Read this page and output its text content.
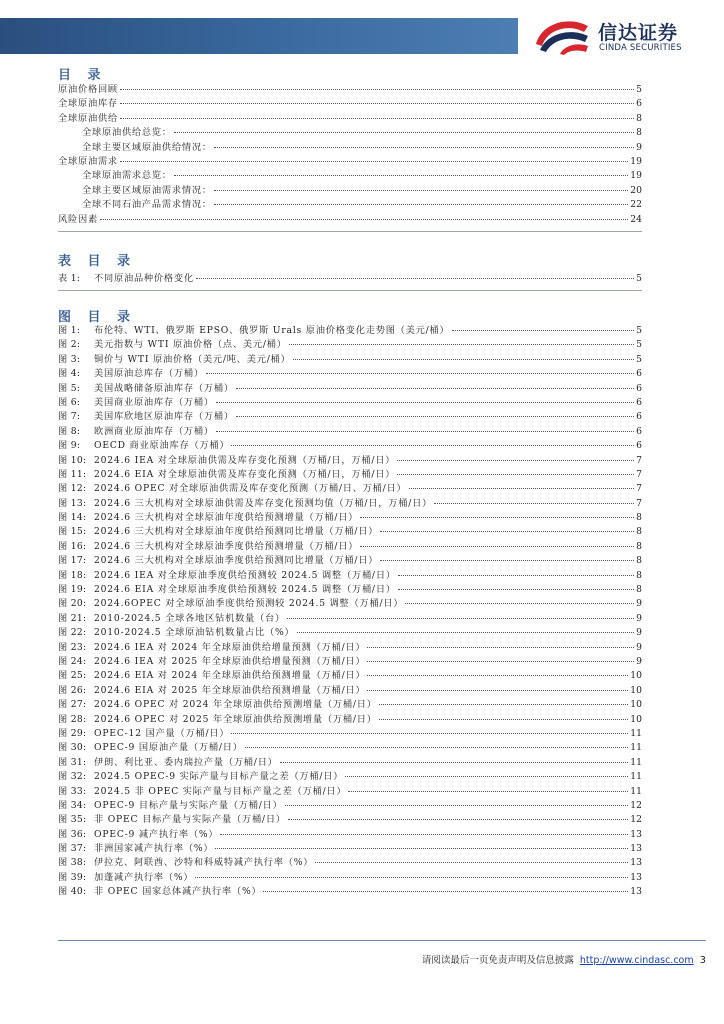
信达证券
CINDA SECURITIES
目 录
原油价格回顾	5
全球原油库存	6
全球原油供给	8
全球原油供给总览：	8
全球主要区域原油供给情况：	9
全球原油需求	19
全球原油需求总览：	19
全球主要区域原油需求情况：	20
全球不同石油产品需求情况：	22
风险因素	24
表 目 录
表 1:	不同原油品种价格变化	5
图 目 录
图 1:	布伦特、WTI、俄罗斯 EPSO、俄罗斯 Urals 原油价格变化走势图（美元/桶）	5
图 2:	美元指数与 WTI 原油价格（点、美元/桶）	5
图 3:	铜价与 WTI 原油价格（美元/吨、美元/桶）	5
图 4:	美国原油总库存（万桶）	6
图 5:	美国战略储备原油库存（万桶）	6
图 6:	美国商业原油库存（万桶）	6
图 7:	美国库欣地区原油库存（万桶）	6
图 8:	欧洲商业原油库存（万桶）	6
图 9:	OECD 商业原油库存（万桶）	6
图 10: 2024.6 IEA 对全球原油供需及库存变化预测（万桶/日，万桶/日）	7
图 11: 2024.6 EIA 对全球原油供需及库存变化预测（万桶/日，万桶/日）	7
图 12: 2024.6 OPEC 对全球原油供需及库存变化预测（万桶/日、万桶/日）	7
图 13: 2024.6 三大机构对全球原油供需及库存变化预测均值（万桶/日，万桶/日）	7
图 14: 2024.6 三大机构对全球原油年度供给预测增量（万桶/日）	8
图 15: 2024.6 三大机构对全球原油年度供给预测同比增量（万桶/日）	8
图 16: 2024.6 三大机构对全球原油季度供给预测增量（万桶/日）	8
图 17: 2024.6 三大机构对全球原油季度供给预测同比增量（万桶/日）	8
图 18: 2024.6 IEA 对全球原油季度供给预测较 2024.5 调整（万桶/日）	8
图 19: 2024.6 EIA 对全球原油季度供给预测较 2024.5 调整（万桶/日）	8
图 20: 2024.6OPEC 对全球原油季度供给预测较 2024.5 调整（万桶/日）	9
图 21: 2010-2024.5 全球各地区钻机数量（台）	9
图 22: 2010-2024.5 全球原油钻机数量占比（%）	9
图 23: 2024.6 IEA 对 2024 年全球原油供给增量预测（万桶/日）	9
图 24: 2024.6 IEA 对 2025 年全球原油供给增量预测（万桶/日）	9
图 25: 2024.6 EIA 对 2024 年全球原油供给预测增量（万桶/日）	10
图 26: 2024.6 EIA 对 2025 年全球原油供给预测增量（万桶/日）	10
图 27: 2024.6 OPEC 对 2024 年全球原油供给预测增量（万桶/日）	10
图 28: 2024.6 OPEC 对 2025 年全球原油供给预测增量（万桶/日）	10
图 29: OPEC-12 国产量（万桶/日）	11
图 30: OPEC-9 国原油产量（万桶/日）	11
图 31: 伊朗、利比亚、委内瑞拉产量（万桶/日）	11
图 32: 2024.5 OPEC-9 实际产量与目标产量之差（万桶/日）	11
图 33: 2024.5 非 OPEC 实际产量与目标产量之差（万桶/日）	11
图 34: OPEC-9 目标产量与实际产量（万桶/日）	12
图 35: 非 OPEC 目标产量与实际产量（万桶/日）	12
图 36: OPEC-9 减产执行率（%）	13
图 37: 非洲国家减产执行率（%）	13
图 38: 伊拉克、阿联酋、沙特和科威特减产执行率（%）	13
图 39: 加蓬减产执行率（%）	13
图 40: 非 OPEC 国家总体减产执行率（%）	13
请阅读最后一页免责声明及信息披露 http://www.cindasc.com 3
